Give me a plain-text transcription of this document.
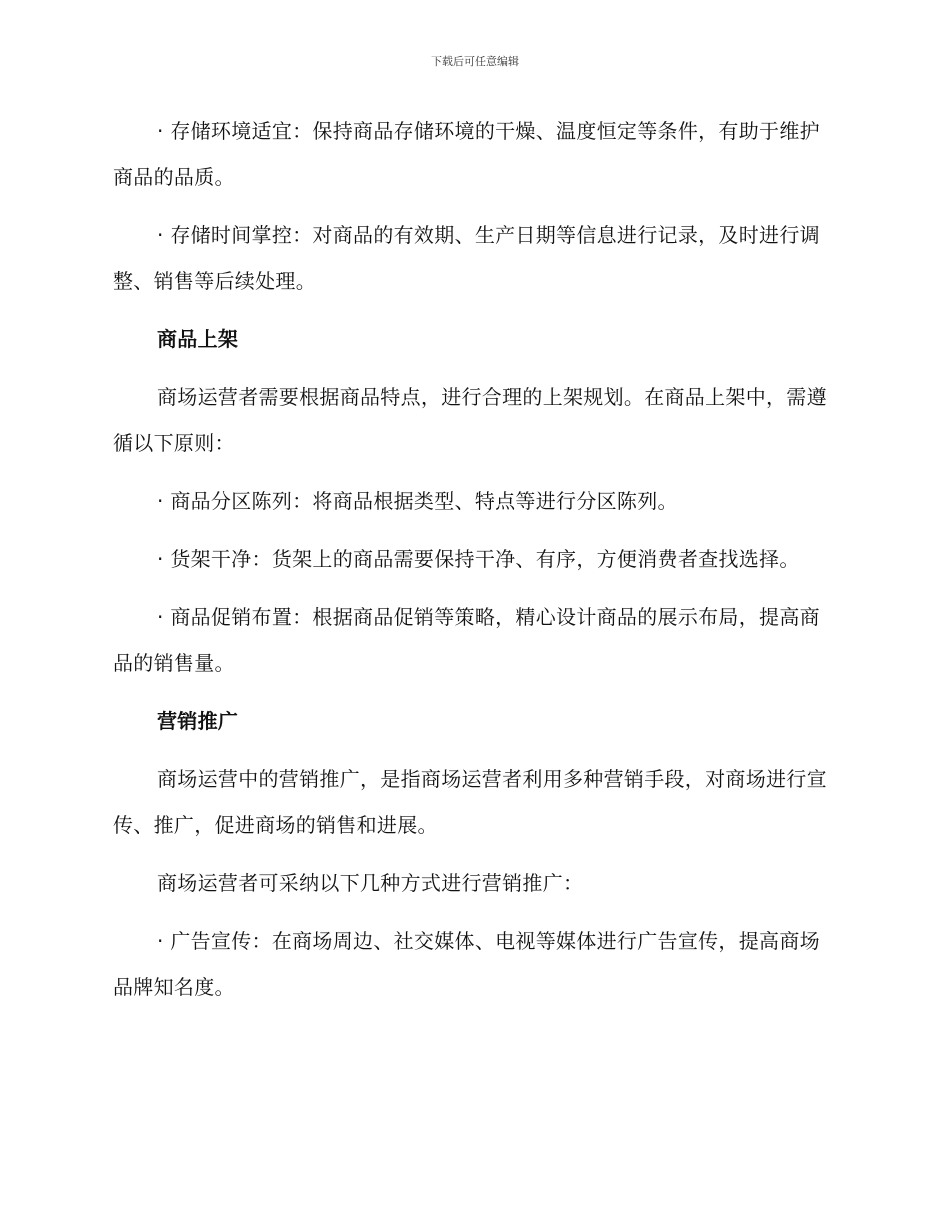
下载后可任意编辑

· 存储环境适宜：保持商品存储环境的干燥、温度恒定等条件，有助于维护商品的品质。

· 存储时间掌控：对商品的有效期、生产日期等信息进行记录，及时进行调整、销售等后续处理。

商品上架

商场运营者需要根据商品特点，进行合理的上架规划。在商品上架中，需遵循以下原则：

· 商品分区陈列：将商品根据类型、特点等进行分区陈列。

· 货架干净：货架上的商品需要保持干净、有序，方便消费者查找选择。

· 商品促销布置：根据商品促销等策略，精心设计商品的展示布局，提高商品的销售量。

营销推广

商场运营中的营销推广，是指商场运营者利用多种营销手段，对商场进行宣传、推广，促进商场的销售和进展。

商场运营者可采纳以下几种方式进行营销推广：

· 广告宣传：在商场周边、社交媒体、电视等媒体进行广告宣传，提高商场品牌知名度。
